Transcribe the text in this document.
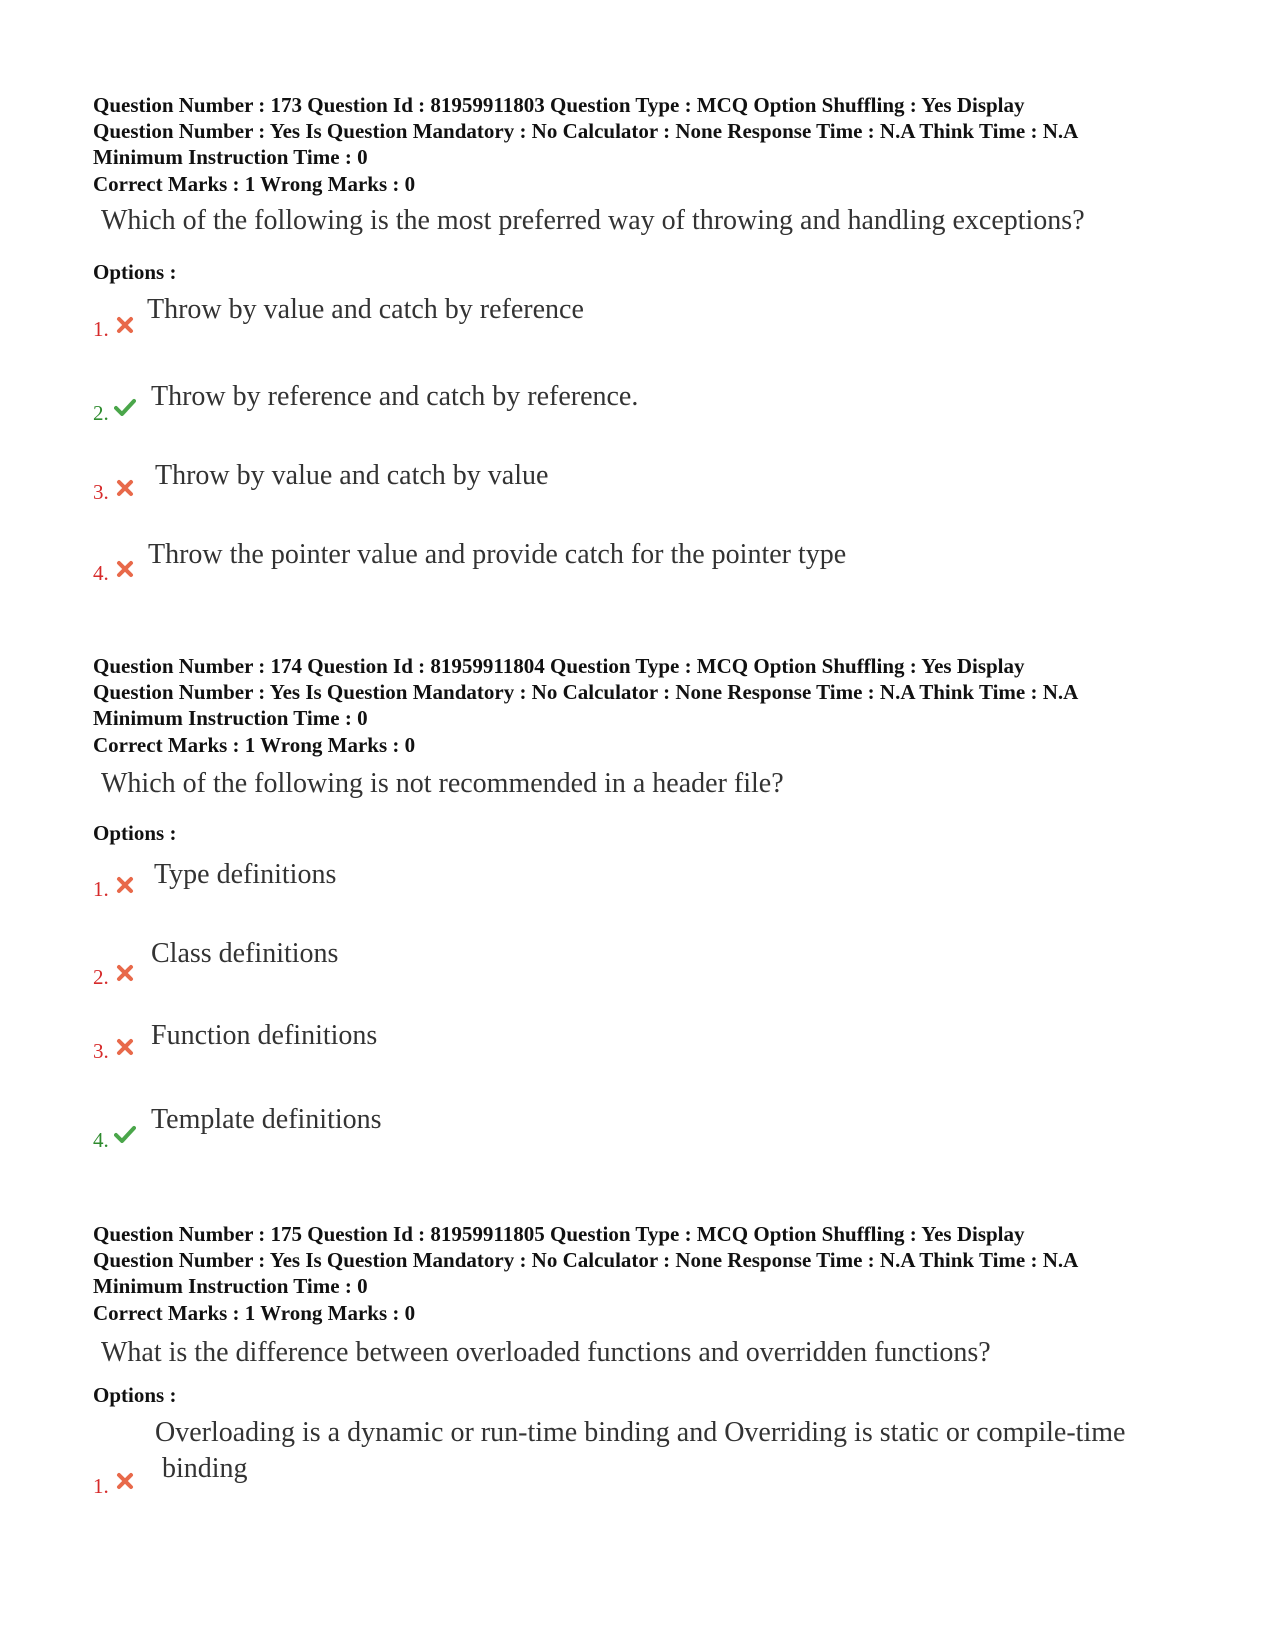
Question Number : 173 Question Id : 81959911803 Question Type : MCQ Option Shuffling : Yes Display
Question Number : Yes Is Question Mandatory : No Calculator : None Response Time : N.A Think Time : N.A
Minimum Instruction Time : 0
Correct Marks : 1 Wrong Marks : 0
Which of the following is the most preferred way of throwing and handling exceptions?
Options :
1.
Throw by value and catch by reference
2.
Throw by reference and catch by reference.
3.
Throw by value and catch by value
4.
Throw the pointer value and provide catch for the pointer type
Question Number : 174 Question Id : 81959911804 Question Type : MCQ Option Shuffling : Yes Display
Question Number : Yes Is Question Mandatory : No Calculator : None Response Time : N.A Think Time : N.A
Minimum Instruction Time : 0
Correct Marks : 1 Wrong Marks : 0
Which of the following is not recommended in a header file?
Options :
1. Type definitions
2.
Class definitions
3. Function definitions
4.
Template definitions
Question Number : 175 Question Id : 81959911805 Question Type : MCQ Option Shuffling : Yes Display
Question Number : Yes Is Question Mandatory : No Calculator : None Response Time : N.A Think Time : N.A
Minimum Instruction Time : 0
Correct Marks : 1 Wrong Marks : 0
What is the difference between overloaded functions and overridden functions?
Options :
1.
Overloading is a dynamic or run-time binding and Overriding is static or compile-time
binding
